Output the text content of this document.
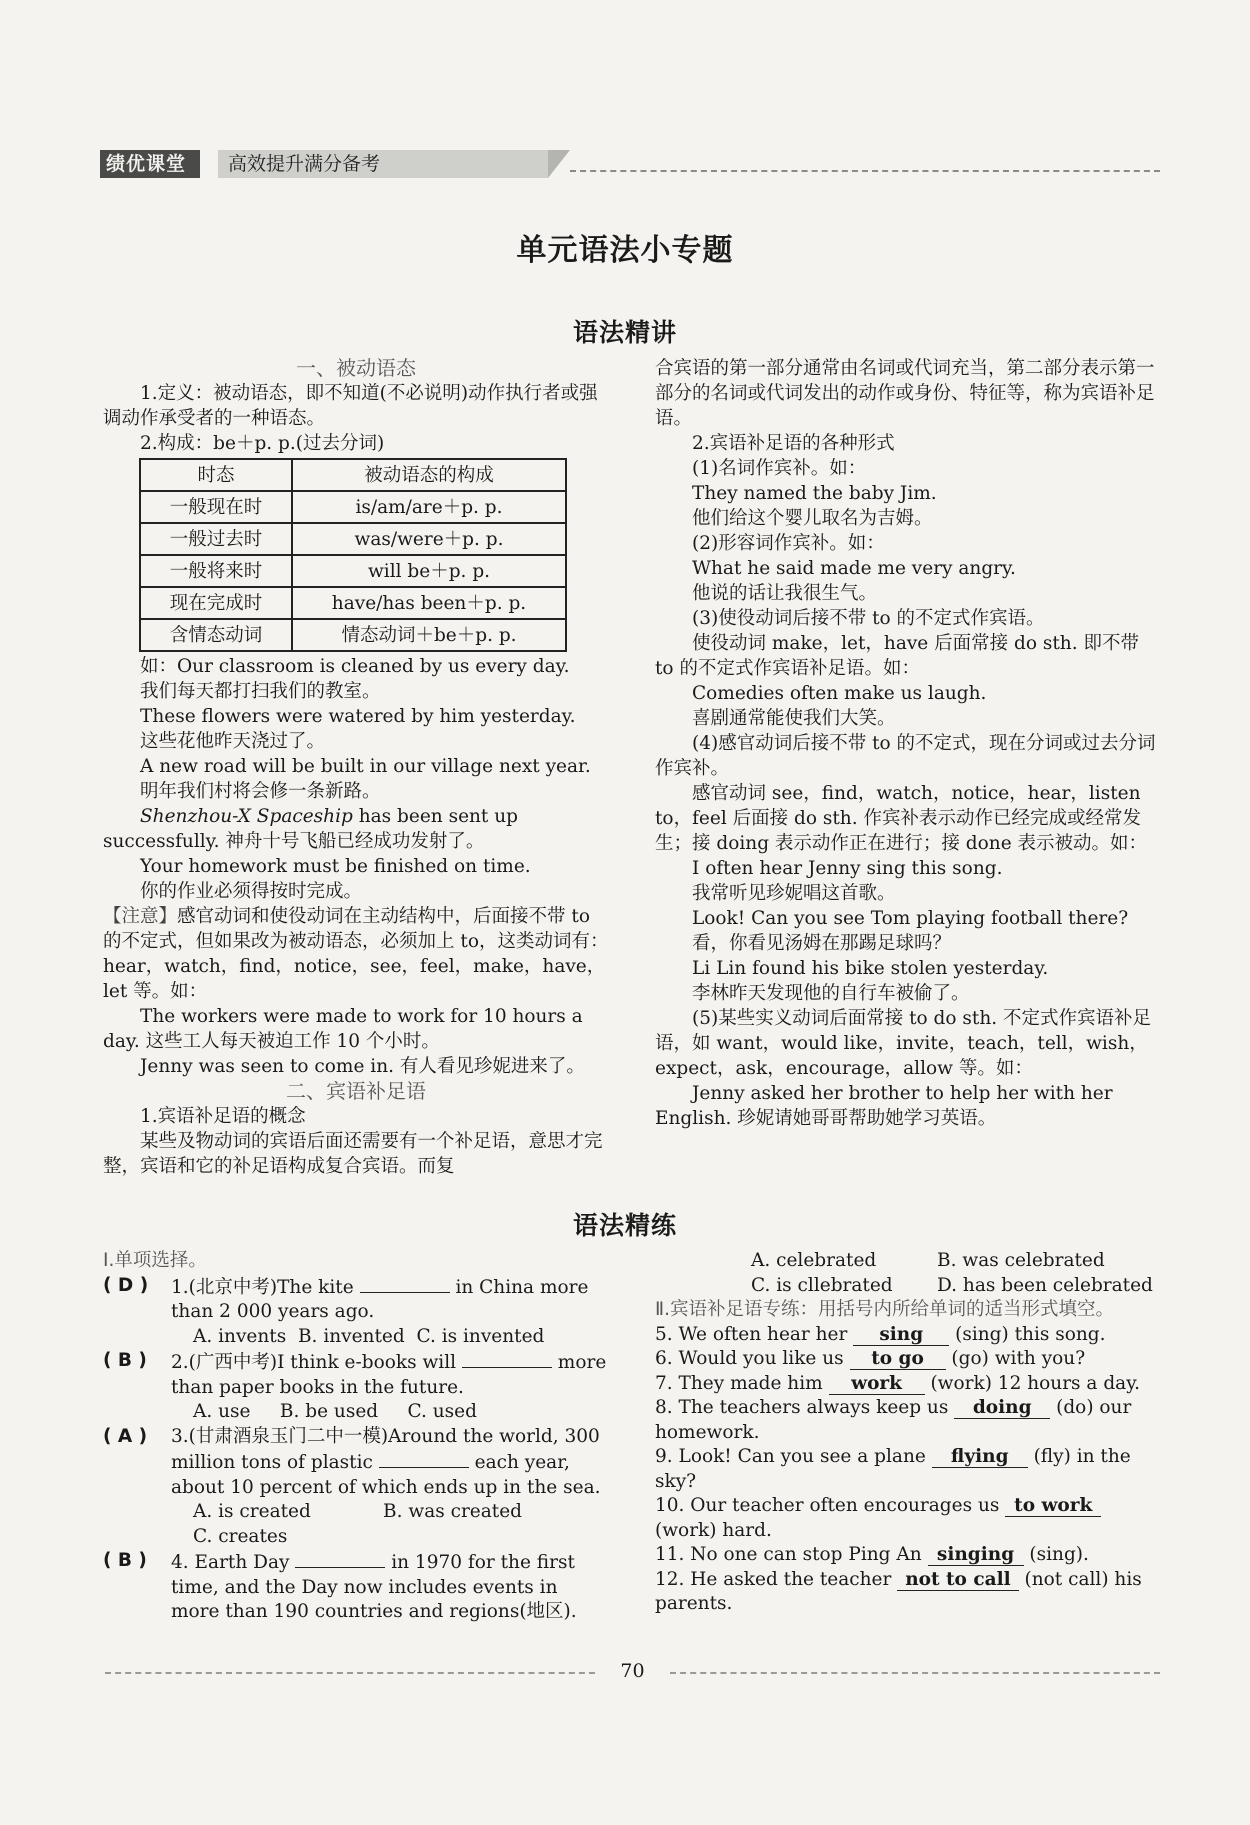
绩优课堂	高效提升满分备考
单元语法小专题
语法精讲

一、被动语态

1.定义：被动语态，即不知道(不必说明)动作执行者或强调动作承受者的一种语态。

2.构成：be＋p. p.(过去分词)

时态	被动语态的构成
一般现在时	is/am/are＋p. p.
一般过去时	was/were＋p. p.
一般将来时	will be＋p. p.
现在完成时	have/has been＋p. p.
含情态动词	情态动词＋be＋p. p.

如：Our classroom is cleaned by us every day.

我们每天都打扫我们的教室。

These flowers were watered by him yesterday.

这些花他昨天浇过了。

A new road will be built in our village next year.

明年我们村将会修一条新路。

Shenzhou-X Spaceship has been sent up successfully. 神舟十号飞船已经成功发射了。

Your homework must be finished on time.

你的作业必须得按时完成。

【注意】感官动词和使役动词在主动结构中，后面接不带 to 的不定式，但如果改为被动语态，必须加上 to，这类动词有：hear，watch，find，notice，see，feel，make，have，let 等。如：

The workers were made to work for 10 hours a day. 这些工人每天被迫工作 10 个小时。

Jenny was seen to come in. 有人看见珍妮进来了。

二、宾语补足语

1.宾语补足语的概念

某些及物动词的宾语后面还需要有一个补足语，意思才完整，宾语和它的补足语构成复合宾语。而复

合宾语的第一部分通常由名词或代词充当，第二部分表示第一部分的名词或代词发出的动作或身份、特征等，称为宾语补足语。

2.宾语补足语的各种形式

(1)名词作宾补。如：

They named the baby Jim.

他们给这个婴儿取名为吉姆。

(2)形容词作宾补。如：

What he said made me very angry.

他说的话让我很生气。

(3)使役动词后接不带 to 的不定式作宾语。

使役动词 make，let，have 后面常接 do sth. 即不带 to 的不定式作宾语补足语。如：

Comedies often make us laugh.

喜剧通常能使我们大笑。

(4)感官动词后接不带 to 的不定式，现在分词或过去分词作宾补。

感官动词 see，find，watch，notice，hear，listen to，feel 后面接 do sth. 作宾补表示动作已经完成或经常发生；接 doing 表示动作正在进行；接 done 表示被动。如：

I often hear Jenny sing this song.

我常听见珍妮唱这首歌。

Look! Can you see Tom playing football there?

看，你看见汤姆在那踢足球吗？

Li Lin found his bike stolen yesterday.

李林昨天发现他的自行车被偷了。

(5)某些实义动词后面常接 to do sth. 不定式作宾语补足语，如 want，would like，invite，teach，tell，wish，expect，ask，encourage，allow 等。如：

Jenny asked her brother to help her with her English. 珍妮请她哥哥帮助她学习英语。

语法精练

Ⅰ.单项选择。

( D )	1.(北京中考)The kite	in China more than 2 000 years ago.

A. invents  B. invented  C. is invented

( B )	2.(广西中考)I think e-books will	more than paper books in the future.

A. use     B. be used     C. used

( A )	3.(甘肃酒泉玉门二中一模)Around the world, 300 million tons of plastic	each year, about 10 percent of which ends up in the sea.

A. is created	B. was created

C. creates

( B )	4. Earth Day	in 1970 for the first time, and the Day now includes events in more than 190 countries and regions(地区).

A. celebrated	B. was celebrated

C. is cllebrated D. has been celebrated

Ⅱ.宾语补足语专练：用括号内所给单词的适当形式填空。

5. We often hear her sing (sing) this song.

6. Would you like us to go (go) with you?

7. They made him work (work) 12 hours a day.

8. The teachers always keep us doing (do) our homework.

9. Look! Can you see a plane flying (fly) in the sky?

10. Our teacher often encourages us to work (work) hard.

11. No one can stop Ping An singing (sing).

12. He asked the teacher not to call (not call) his parents.

70
